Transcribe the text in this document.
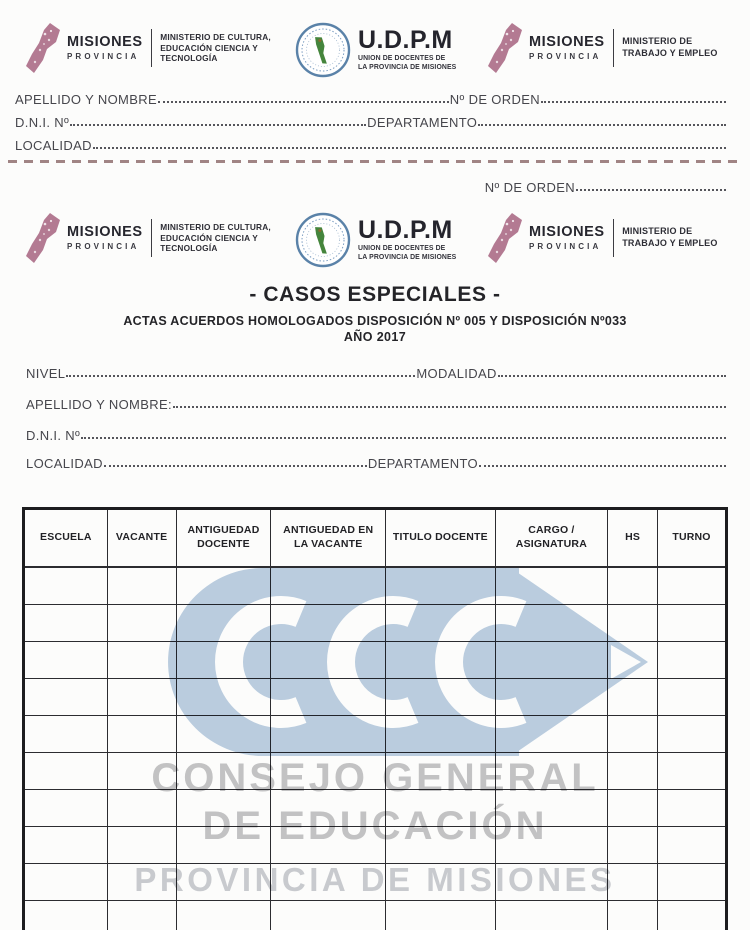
MISIONES
PROVINCIA
MINISTERIO DE CULTURA,
EDUCACIÓN CIENCIA Y
TECNOLOGÍA
U.D.P.M
UNION DE DOCENTES DE
LA PROVINCIA DE MISIONES
MISIONES
PROVINCIA
MINISTERIO DE
TRABAJO Y EMPLEO
APELLIDO Y NOMBRE	Nº DE ORDEN
D.N.I. Nº	DEPARTAMENTO
LOCALIDAD
Nº DE ORDEN
MISIONES
PROVINCIA
MINISTERIO DE CULTURA,
EDUCACIÓN CIENCIA Y
TECNOLOGÍA
U.D.P.M
UNION DE DOCENTES DE
LA PROVINCIA DE MISIONES
MISIONES
PROVINCIA
MINISTERIO DE
TRABAJO Y EMPLEO
- CASOS ESPECIALES -
ACTAS ACUERDOS HOMOLOGADOS DISPOSICIÓN Nº 005 Y DISPOSICIÓN Nº033
AÑO 2017
NIVEL	MODALIDAD
APELLIDO Y NOMBRE:
D.N.I. Nº
LOCALIDAD	DEPARTAMENTO
ESCUELA	VACANTE	ANTIGUEDAD DOCENTE	ANTIGUEDAD EN LA VACANTE	TITULO DOCENTE	CARGO / ASIGNATURA	HS	TURNO

CONSEJO GENERAL
DE EDUCACIÓN
PROVINCIA DE MISIONES
